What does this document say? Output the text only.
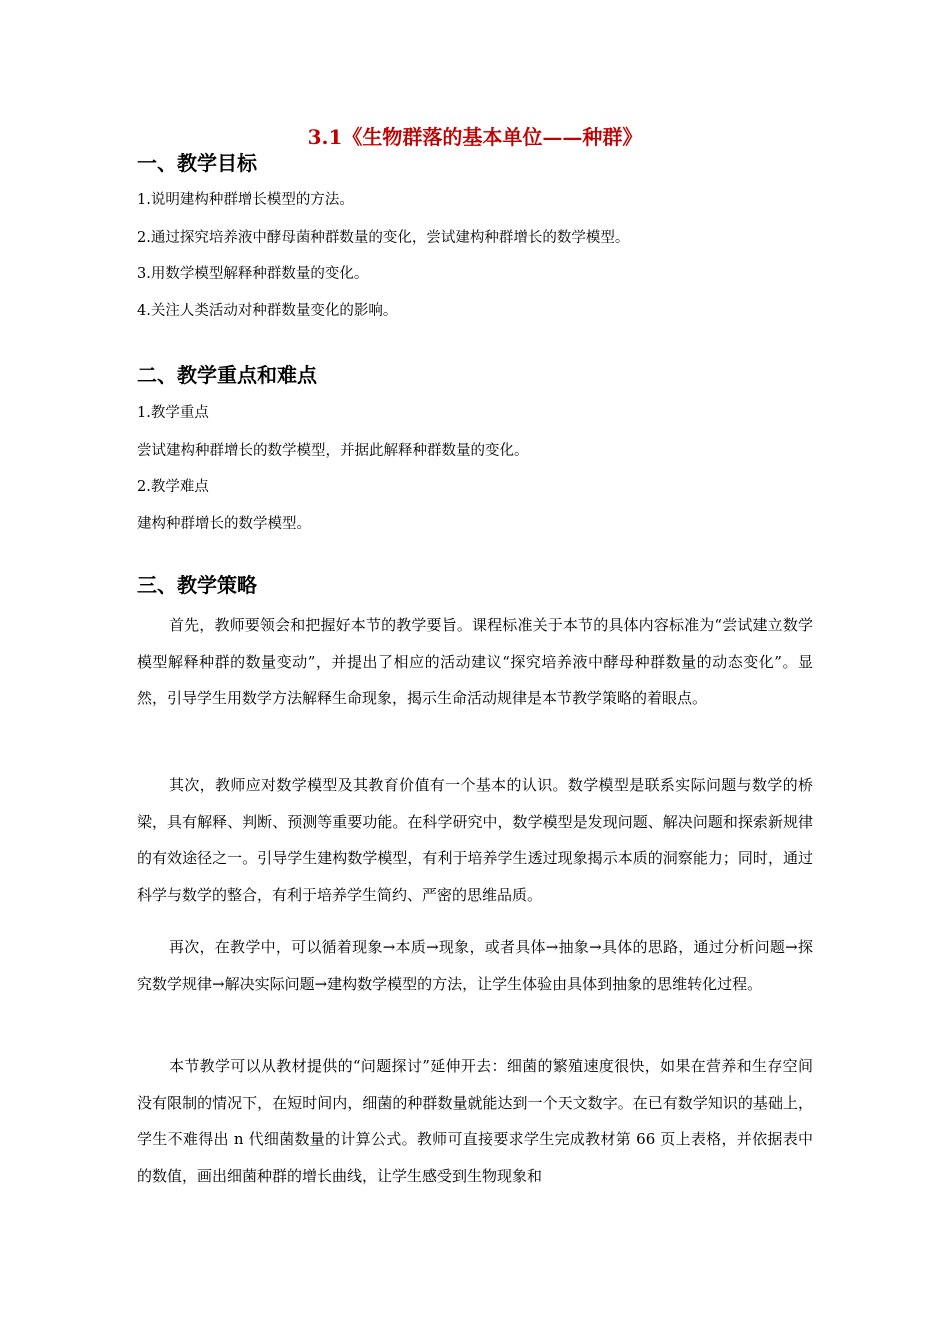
3.1《生物群落的基本单位——种群》
一、教学目标
1.说明建构种群增长模型的方法。
2.通过探究培养液中酵母菌种群数量的变化，尝试建构种群增长的数学模型。
3.用数学模型解释种群数量的变化。
4.关注人类活动对种群数量变化的影响。
二、教学重点和难点
1.教学重点
尝试建构种群增长的数学模型，并据此解释种群数量的变化。
2.教学难点
建构种群增长的数学模型。
三、教学策略

首先，教师要领会和把握好本节的教学要旨。课程标准关于本节的具体内容标准为“尝试建立数学模型解释种群的数量变动”，并提出了相应的活动建议“探究培养液中酵母种群数量的动态变化”。显然，引导学生用数学方法解释生命现象，揭示生命活动规律是本节教学策略的着眼点。

其次，教师应对数学模型及其教育价值有一个基本的认识。数学模型是联系实际问题与数学的桥梁，具有解释、判断、预测等重要功能。在科学研究中，数学模型是发现问题、解决问题和探索新规律的有效途径之一。引导学生建构数学模型，有利于培养学生透过现象揭示本质的洞察能力；同时，通过科学与数学的整合，有利于培养学生简约、严密的思维品质。

再次，在教学中，可以循着现象→本质→现象，或者具体→抽象→具体的思路，通过分析问题→探究数学规律→解决实际问题→建构数学模型的方法，让学生体验由具体到抽象的思维转化过程。

本节教学可以从教材提供的“问题探讨”延伸开去：细菌的繁殖速度很快，如果在营养和生存空间没有限制的情况下，在短时间内，细菌的种群数量就能达到一个天文数字。在已有数学知识的基础上，学生不难得出 n 代细菌数量的计算公式。教师可直接要求学生完成教材第 66 页上表格，并依据表中的数值，画出细菌种群的增长曲线，让学生感受到生物现象和
